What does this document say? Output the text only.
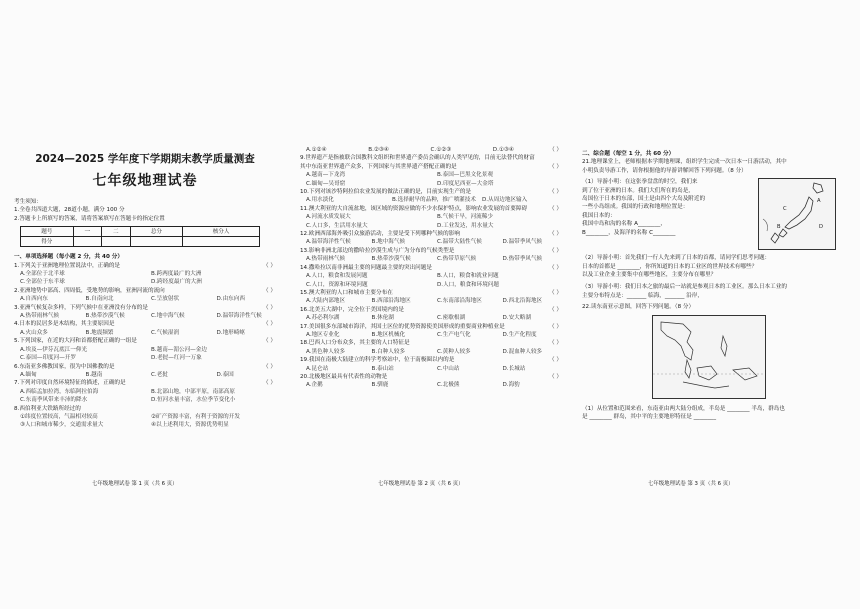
2024—2025 学年度下学期期末教学质量测查
七年级地理试卷
考生须知：
1.全卷共四道大题，28道小题，满分 100 分
2.答题卡上所填写的答案，请将答案填写在答题卡的指定位置
题号	一	二	总分	核分人
得分				
一、单项选择题（每小题 2 分，共 40 分）
1.下列关于亚洲地理位置说法中，正确的是	（ ）
A.全部位于北半球	B.跨两度最广的大洲
C.全部位于东半球	D.跨经度最广的大洲
2.亚洲地势中部高、四周低，受地势的影响，亚洲河流的流向	（ ）
A.自西向东	B.自南向北	C.呈放射状	D.由东向西
3.亚洲气候复杂多样，下列气候中在亚洲没有分布的是	（ ）
A.热带雨林气候	B.热带沙漠气候	C.地中海气候	D.温带海洋性气候
4.日本的民居多是木结构，其主要原因是	（ ）
A.火山众多	B.地震频繁	C.气候湿润	D.地形崎岖
5.下列国家，在近的大河和首都搭配正确的一组是	（ ）
A.埃及—伊芬瓦底江一仰光	B.越南—湄公河—金边
C.泰国—印度河—开罗	D.老挝—红河一万象
6.东南亚多佛教国家，很为中国佛教的是	（ ）
A.缅甸	B.越南	C.老挝	D.泰国
7.下列对印度自然环境特征的描述，正确的是	（ ）
A.西临孟加拉湾，东临阿拉伯海	B.北部山地，中部平原，南部高原
C.东南季风带来丰沛的降水	D.恒河水量丰富，水位季节变化小
8.西伯利亚大铁路所经过的
①纬度位置较高，气温相对较高	②矿产资源丰富，有利于资源的开发
③人口和城市稀少，交通需求量大	④以上述利用大，资源优势明显
A.①②④	B.②③④	C.①②③	D.①③④	（ ）
9.世界遗产是指被联合国教科文组织和世界遗产委员会确认的人类罕见的，目前无法替代的财富
其中东南亚世界遗产众多，下列国家与其世界遗产搭配正确的是	（ ）
A.越南—下龙湾	B.泰国—巴黑文化景观
C.缅甸—吴哥窟	D.印度尼西亚—大金塔
10.下列对该沙特阿拉伯农业发展的做法正确的是，目前实现生产的是	（ ）
A.用水淡化	B.选择耐旱的品种，推广喷灌技术	D.从周边地区输入
11.澳大利亚的大自流盆地，该区域的资源应做的不少水保护特点，影响农业发展的首要障碍	（ ）
A.河流水质发展大	B.气候干旱，河流稀少
C.人口多，生活用水量大	D.工业发达，用水量大
12.欧洲西部海外吸引众旅游活动，主要是受下列哪种气候的影响	（ ）
A.温带海洋性气候	B.地中海气候	C.温带大陆性气候	D.温带季风气候
13.影响非洲北部边的撒哈拉沙漠生成与广为分布的气候类型是	（ ）
A.热带雨林气候	B.热带沙漠气候	C.热带草原气候	D.热带季风气候
14.撒哈拉以南非洲最主要的问题最主要的突出问题是	（ ）
A.人口，粮食和发展问题	B.人口，粮食和就业问题
C.人口，资源和环境问题	D.人口，粮食和环境问题
15.澳大利亚的人口和城市主要分布在	（ ）
A.大陆内部地区	B.西部沿海地区	C.东南部沿海地区	D.西北沿海地区
16.北美五大湖中，完全位于美国境内的是	（ ）
A.苏必利尔湖	B.休伦湖	C.密歇根湖	D.安大略湖
17.美国很多东部城市海洋，其国土区位的优势资源使美国形成的重要商业种植业是	（ ）
A.地区专业化	B.地区机械化	C.生产电气化	D.生产化程度
18.巴西人口分布众多，其主要的人口特征是	（ ）
A.黑色种人较多	B.白种人较多	C.黄种人较多	D.混血种人较多
19.我国在南极大陆建立的科学考察站中，位于南极圈以内的是	（ ）
A.昆仑站	B.泰山站	C.中山站	D.长城站
20.北极地区最具有代表性的动物是	（ ）
A.企鹅	B.驯鹿	C.北极熊	D.海豹
二、综合题（每空 1 分，共 60 分）
21.地理课堂上，老师根据本学期地理课，组织学生完成一次日本一日游活动，其中
小明负责导游工作，请你根据他的导游讲解回答下列问题。（8 分）
（1）导游小明：在这张拳盘盘的时空，我们来
到了位于亚洲的日本。我们大们所在的岛是，
岛国位于日本的东部，国土是由四个大岛及附近的
一些小岛组成。我国的行政和地理位置是：
我国日本的：
我国中岛和沟的名称 A________，
B________，及海洋的名称 C________
A
B
C
D
（2）导游小明：首先我们一行人先来到了日本的首都，请同学们思考问题：
日本的首都是 ________，你所知道的日本的工业区的世界技术有哪些？
以及工业企业主要集中在哪些地区，主要分布在哪里？
（3）导游小明：我们日本之旅的最后一站就是参观日本的工业区。那么日本工业的
主要分布特点是：_______ 临海，_______ 沿岸，
22.读东南亚示意图，回答下列问题。（8 分）
（1）从位置和范围来看，东南亚由两大陆分组成，半岛是 ________ 半岛，群岛也
是 ________ 群岛，其中平的主要地形特征是 ________
七年级地理试卷 第 1 页（共 6 页）	七年级地理试卷 第 2 页（共 6 页）	七年级地理试卷 第 3 页（共 6 页）
